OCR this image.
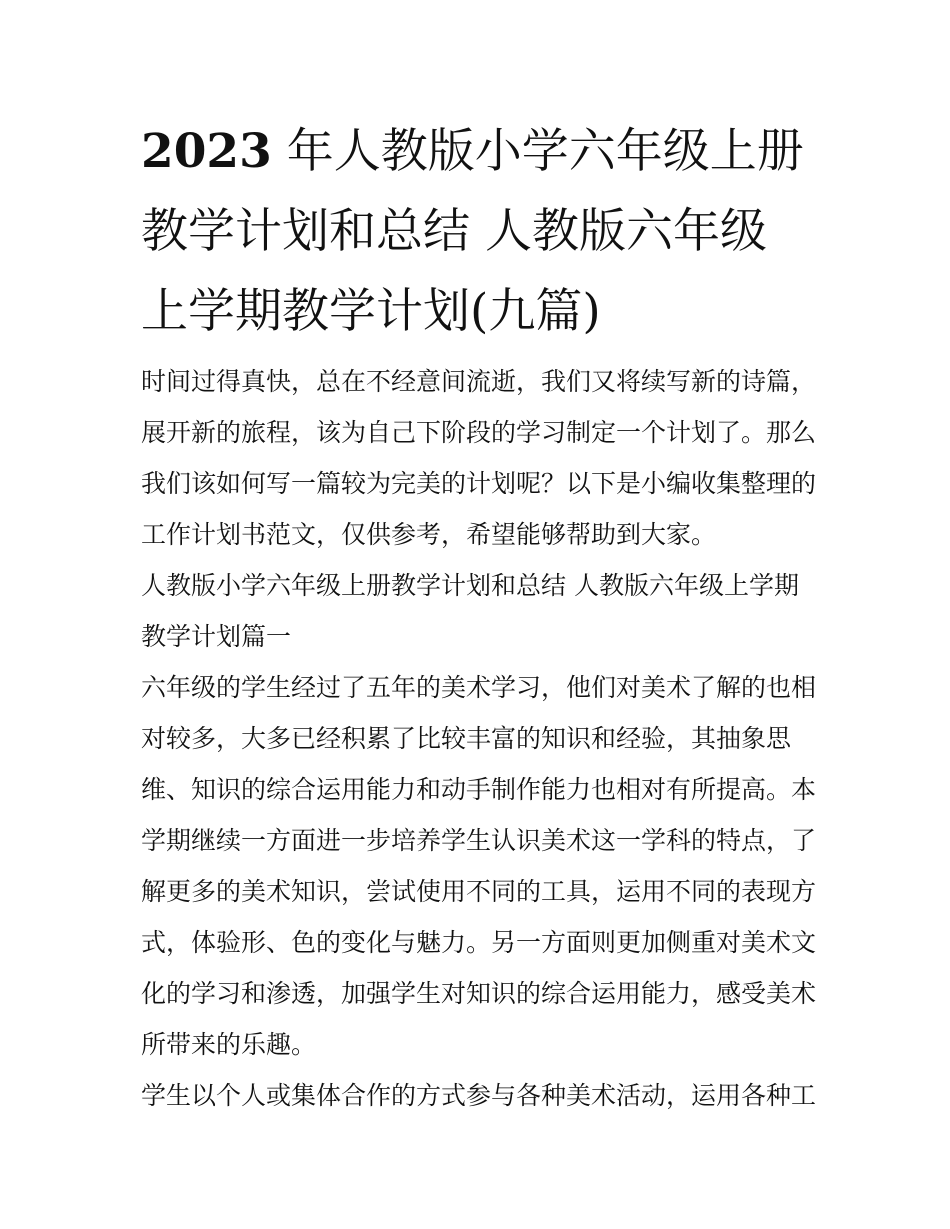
2023 年人教版小学六年级上册
教学计划和总结 人教版六年级
上学期教学计划(九篇)
时间过得真快，总在不经意间流逝，我们又将续写新的诗篇，
展开新的旅程，该为自己下阶段的学习制定一个计划了。那么
我们该如何写一篇较为完美的计划呢？以下是小编收集整理的
工作计划书范文，仅供参考，希望能够帮助到大家。
人教版小学六年级上册教学计划和总结 人教版六年级上学期
教学计划篇一
六年级的学生经过了五年的美术学习，他们对美术了解的也相
对较多，大多已经积累了比较丰富的知识和经验，其抽象思
维、知识的综合运用能力和动手制作能力也相对有所提高。本
学期继续一方面进一步培养学生认识美术这一学科的特点，了
解更多的美术知识，尝试使用不同的工具，运用不同的表现方
式，体验形、色的变化与魅力。另一方面则更加侧重对美术文
化的学习和渗透，加强学生对知识的综合运用能力，感受美术
所带来的乐趣。
学生以个人或集体合作的方式参与各种美术活动，运用各种工
